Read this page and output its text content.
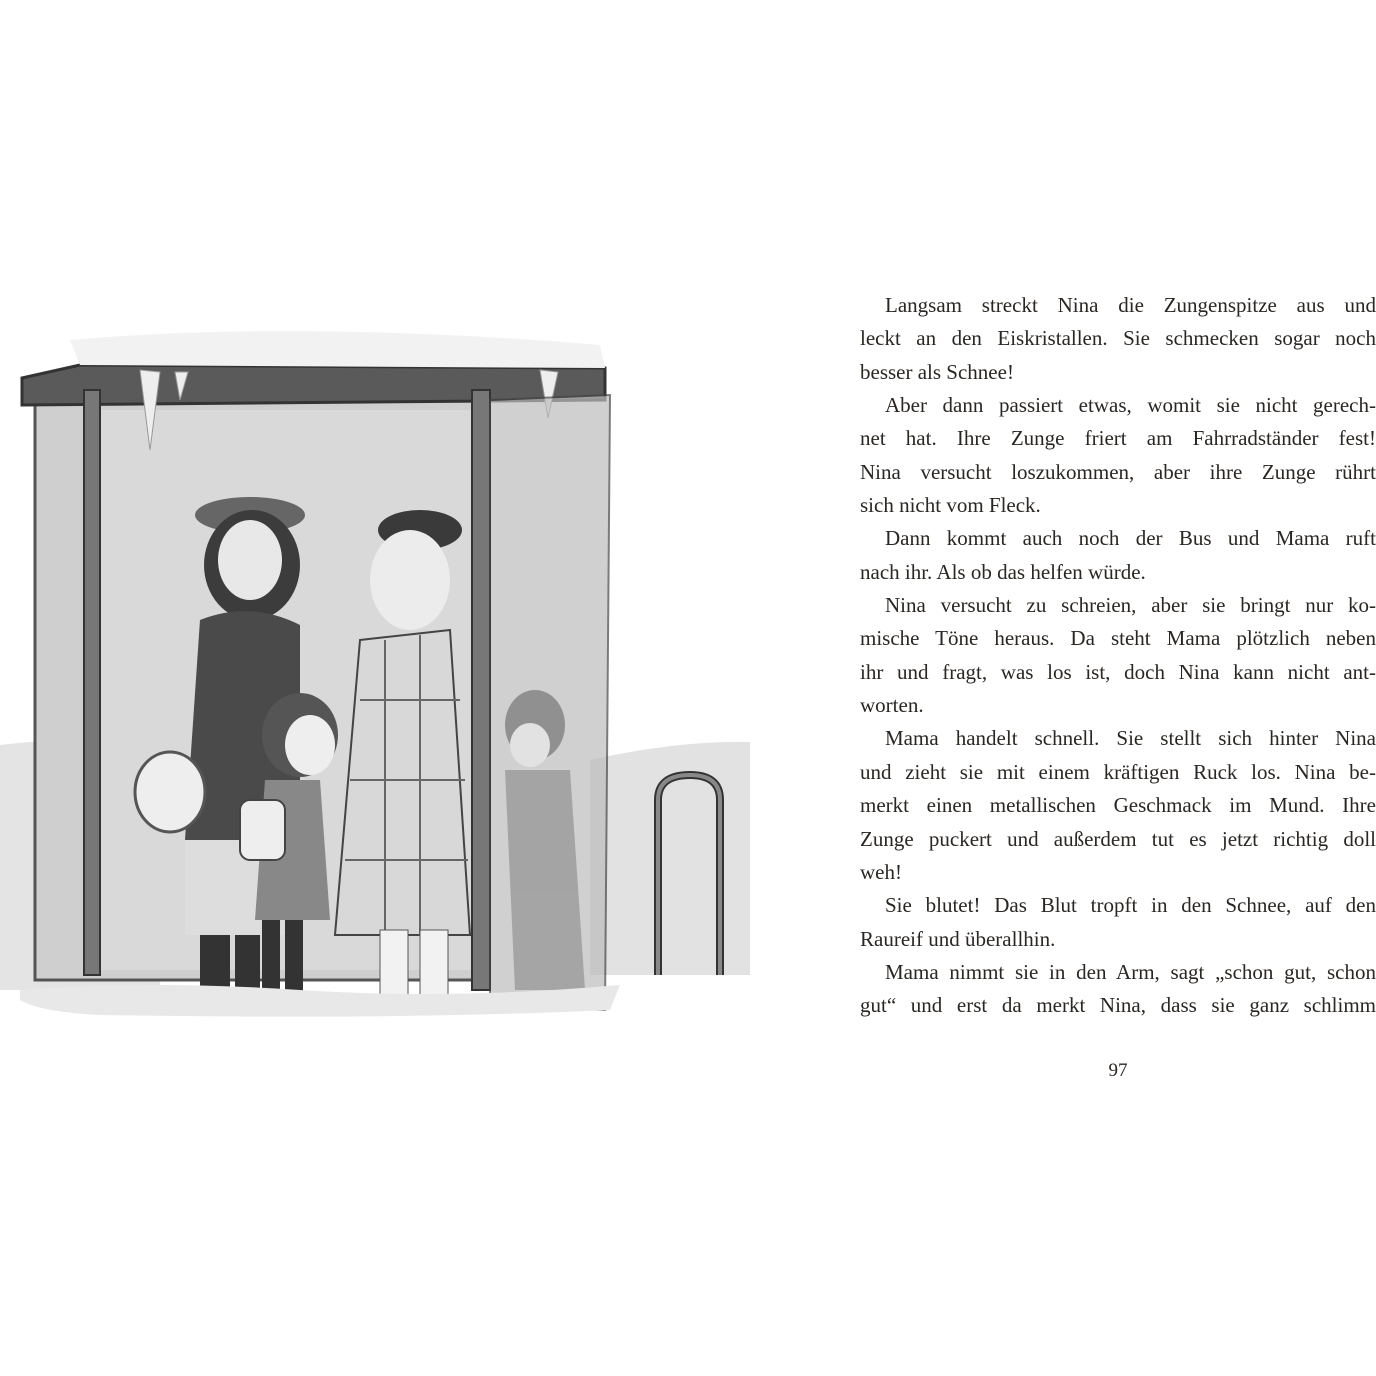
Langsam streckt Nina die Zungenspitze aus und
leckt an den Eiskristallen. Sie schmecken sogar noch
besser als Schnee!
Aber dann passiert etwas, womit sie nicht gerech-
net hat. Ihre Zunge friert am Fahrradständer fest!
Nina versucht loszukommen, aber ihre Zunge rührt
sich nicht vom Fleck.
Dann kommt auch noch der Bus und Mama ruft
nach ihr. Als ob das helfen würde.
Nina versucht zu schreien, aber sie bringt nur ko-
mische Töne heraus. Da steht Mama plötzlich neben
ihr und fragt, was los ist, doch Nina kann nicht ant-
worten.
Mama handelt schnell. Sie stellt sich hinter Nina
und zieht sie mit einem kräftigen Ruck los. Nina be-
merkt einen metallischen Geschmack im Mund. Ihre
Zunge puckert und außerdem tut es jetzt richtig doll
weh!
Sie blutet! Das Blut tropft in den Schnee, auf den
Raureif und überallhin.
Mama nimmt sie in den Arm, sagt „schon gut, schon
gut“ und erst da merkt Nina, dass sie ganz schlimm
97
